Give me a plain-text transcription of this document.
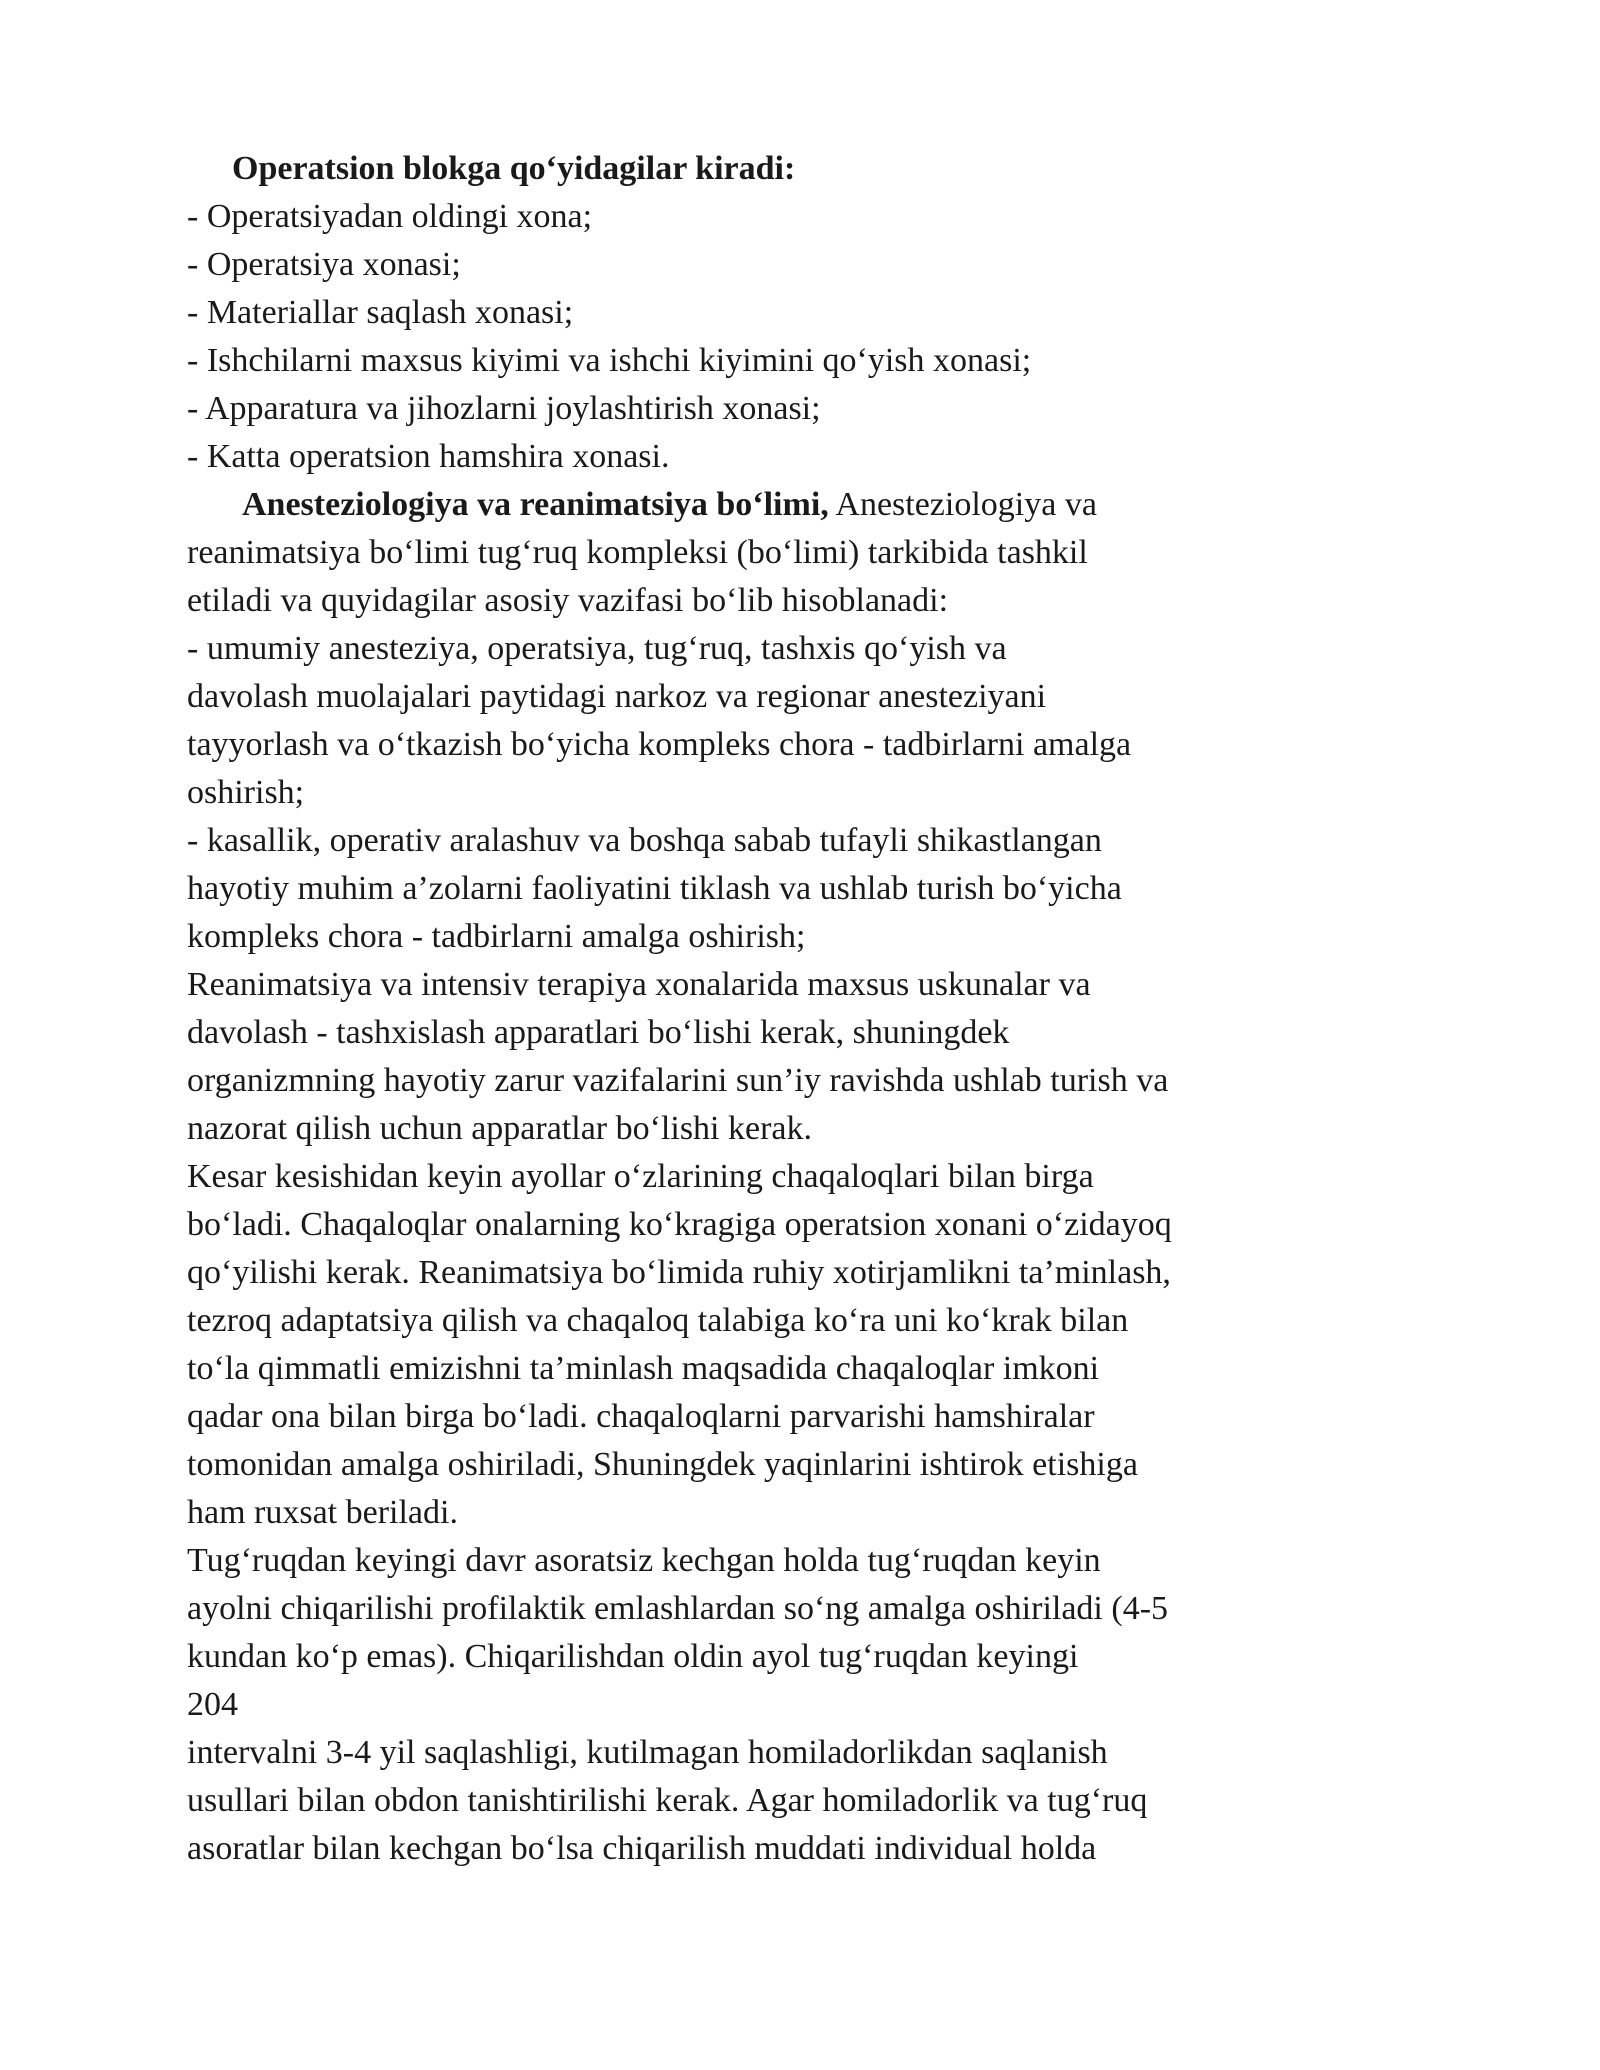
Operatsion blokga qo‘yidagilar kiradi:

- Operatsiyadan oldingi xona;

- Operatsiya xonasi;

- Materiallar saqlash xonasi;

- Ishchilarni maxsus kiyimi va ishchi kiyimini qo‘yish xonasi;

- Apparatura va jihozlarni joylashtirish xonasi;

- Katta operatsion hamshira xonasi.

Anesteziologiya va reanimatsiya bo‘limi, Anesteziologiya va

reanimatsiya bo‘limi tug‘ruq kompleksi (bo‘limi) tarkibida tashkil

etiladi va quyidagilar asosiy vazifasi bo‘lib hisoblanadi:

- umumiy anesteziya, operatsiya, tug‘ruq, tashxis qo‘yish va

davolash muolajalari paytidagi narkoz va regionar anesteziyani

tayyorlash va o‘tkazish bo‘yicha kompleks chora - tadbirlarni amalga

oshirish;

- kasallik, operativ aralashuv va boshqa sabab tufayli shikastlangan

hayotiy muhim a’zolarni faoliyatini tiklash va ushlab turish bo‘yicha

kompleks chora - tadbirlarni amalga oshirish;

Reanimatsiya va intensiv terapiya xonalarida maxsus uskunalar va

davolash - tashxislash apparatlari bo‘lishi kerak, shuningdek

organizmning hayotiy zarur vazifalarini sun’iy ravishda ushlab turish va

nazorat qilish uchun apparatlar bo‘lishi kerak.

Kesar kesishidan keyin ayollar o‘zlarining chaqaloqlari bilan birga

bo‘ladi. Chaqaloqlar onalarning ko‘kragiga operatsion xonani o‘zidayoq

qo‘yilishi kerak. Reanimatsiya bo‘limida ruhiy xotirjamlikni ta’minlash,

tezroq adaptatsiya qilish va chaqaloq talabiga ko‘ra uni ko‘krak bilan

to‘la qimmatli emizishni ta’minlash maqsadida chaqaloqlar imkoni

qadar ona bilan birga bo‘ladi. chaqaloqlarni parvarishi hamshiralar

tomonidan amalga oshiriladi, Shuningdek yaqinlarini ishtirok etishiga

ham ruxsat beriladi.

Tug‘ruqdan keyingi davr asoratsiz kechgan holda tug‘ruqdan keyin

ayolni chiqarilishi profilaktik emlashlardan so‘ng amalga oshiriladi (4-5

kundan ko‘p emas). Chiqarilishdan oldin ayol tug‘ruqdan keyingi

204

intervalni 3-4 yil saqlashligi, kutilmagan homiladorlikdan saqlanish

usullari bilan obdon tanishtirilishi kerak. Agar homiladorlik va tug‘ruq

asoratlar bilan kechgan bo‘lsa chiqarilish muddati individual holda
